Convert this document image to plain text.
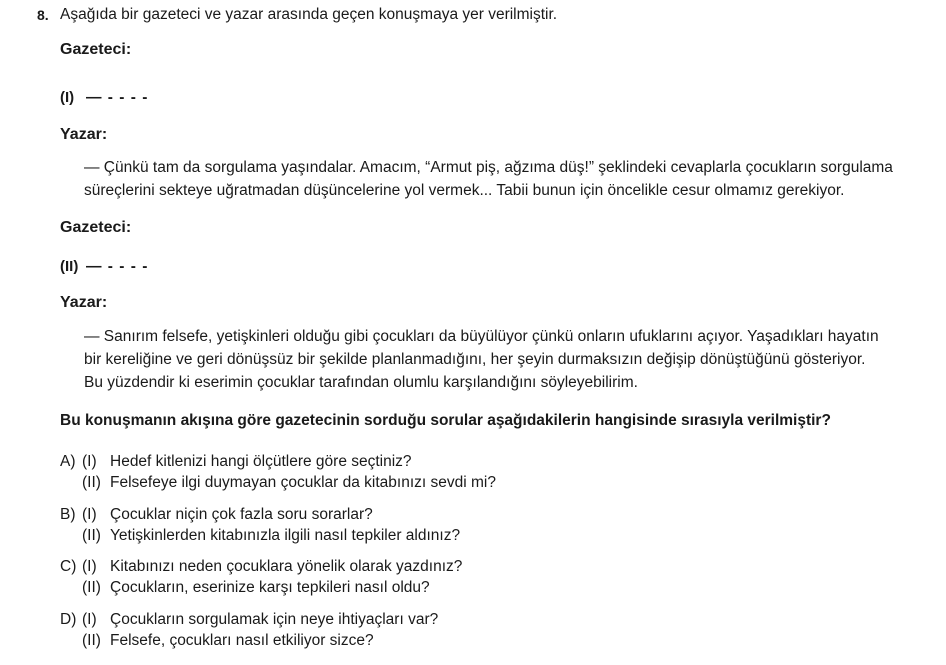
8. Aşağıda bir gazeteci ve yazar arasında geçen konuşmaya yer verilmiştir.
Gazeteci:
(I) — - - - -
Yazar:
— Çünkü tam da sorgulama yaşındalar. Amacım, “Armut piş, ağzıma düş!” şeklindeki cevaplarla çocukların sorgulama
süreçlerini sekteye uğratmadan düşüncelerine yol vermek... Tabii bunun için öncelikle cesur olmamız gerekiyor.
Gazeteci:
(II) — - - - -
Yazar:
— Sanırım felsefe, yetişkinleri olduğu gibi çocukları da büyülüyor çünkü onların ufuklarını açıyor. Yaşadıkları hayatın
bir kereliğine ve geri dönüşsüz bir şekilde planlanmadığını, her şeyin durmaksızın değişip dönüştüğünü gösteriyor.
Bu yüzdendir ki eserimin çocuklar tarafından olumlu karşılandığını söyleyebilirim.
Bu konuşmanın akışına göre gazetecinin sorduğu sorular aşağıdakilerin hangisinde sırasıyla verilmiştir?
A) (I) Hedef kitlenizi hangi ölçütlere göre seçtiniz?
(II) Felsefeye ilgi duymayan çocuklar da kitabınızı sevdi mi?
B) (I) Çocuklar niçin çok fazla soru sorarlar?
(II) Yetişkinlerden kitabınızla ilgili nasıl tepkiler aldınız?
C) (I) Kitabınızı neden çocuklara yönelik olarak yazdınız?
(II) Çocukların, eserinize karşı tepkileri nasıl oldu?
D) (I) Çocukların sorgulamak için neye ihtiyaçları var?
(II) Felsefe, çocukları nasıl etkiliyor sizce?
